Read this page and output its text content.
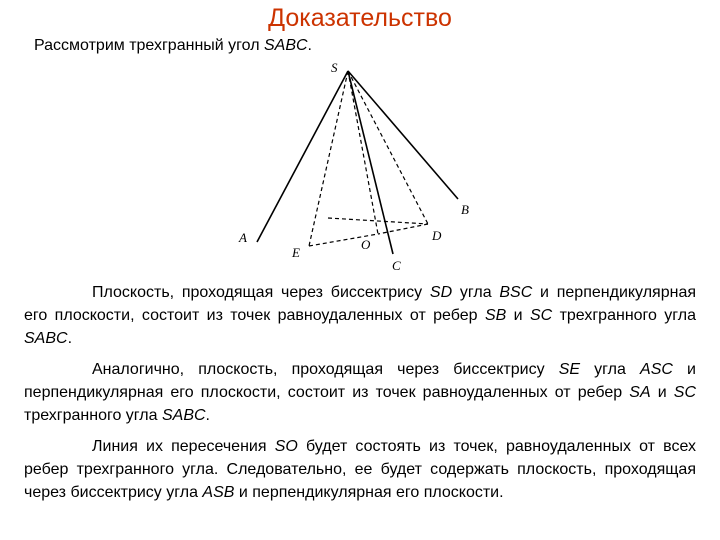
Доказательство
Рассмотрим трехгранный угол SABC.
S
A
B
C
D
E
O

Плоскость, проходящая через биссектрису SD угла BSC и перпендикулярная его плоскости, состоит из точек равноудаленных от ребер SB и SC трехгранного угла SABC.

Аналогично, плоскость, проходящая через биссектрису SE угла ASC и перпендикулярная его плоскости, состоит из точек равноудаленных от ребер SA и SC трехгранного угла SABC.

Линия их пересечения SO будет состоять из точек, равноудаленных от всех ребер трехгранного угла. Следовательно, ее будет содержать плоскость, проходящая через биссектрису угла ASB и перпендикулярная его плоскости.
